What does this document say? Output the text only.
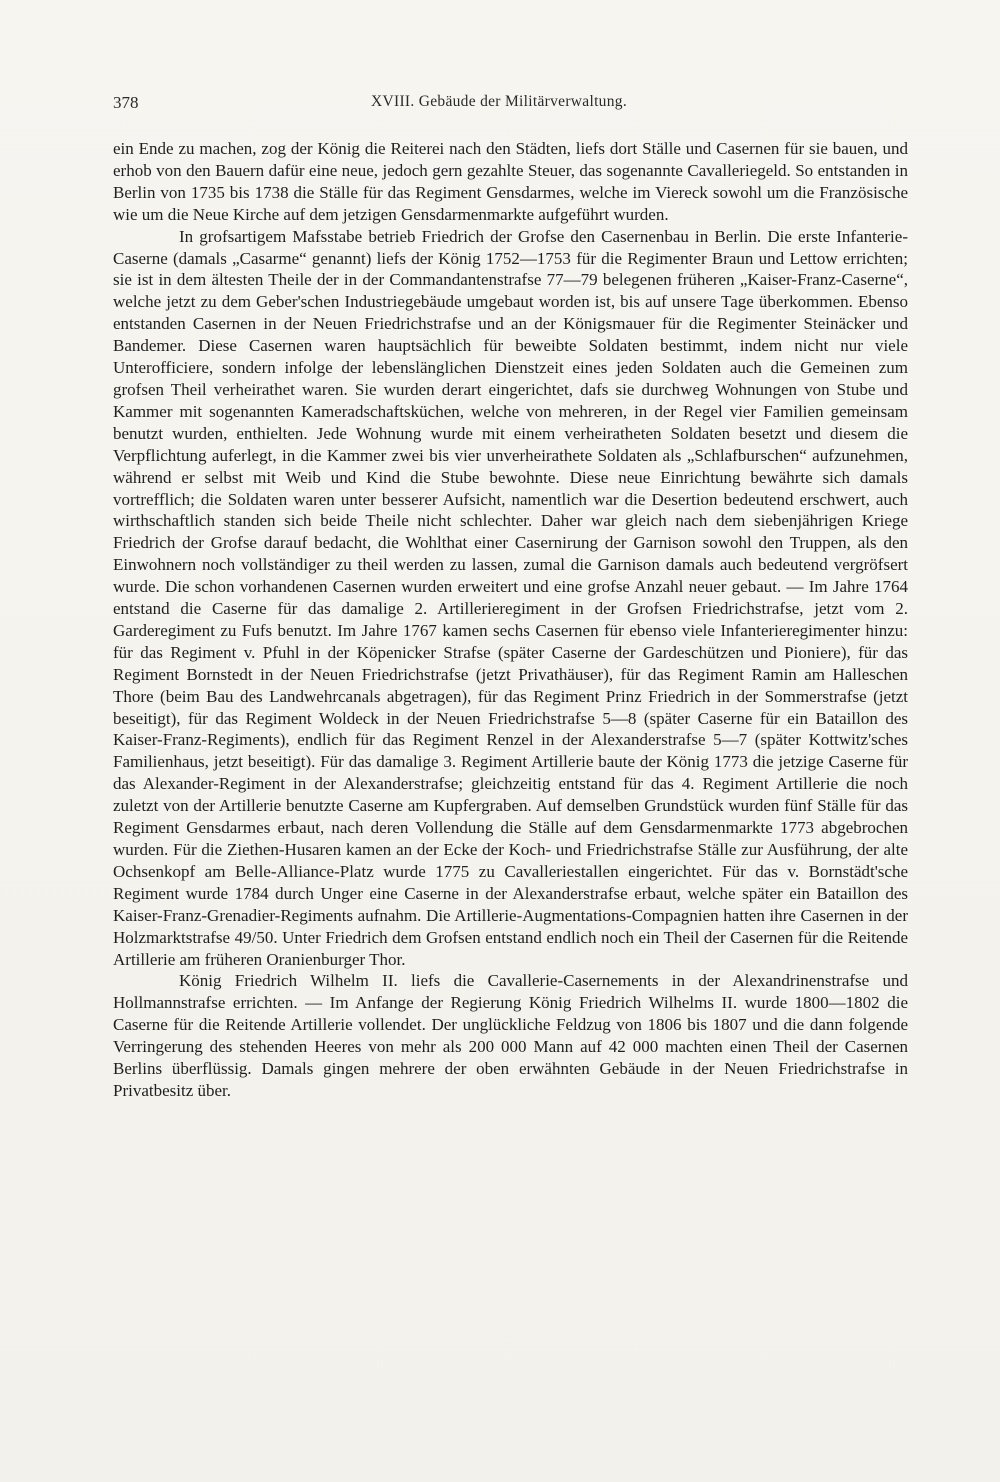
378	XVIII. Gebäude der Militärverwaltung.

ein Ende zu machen, zog der König die Reiterei nach den Städten, liefs dort Ställe und Casernen für sie bauen, und erhob von den Bauern dafür eine neue, jedoch gern gezahlte Steuer, das sogenannte Cavalleriegeld. So entstanden in Berlin von 1735 bis 1738 die Ställe für das Regiment Gensdarmes, welche im Viereck sowohl um die Französische wie um die Neue Kirche auf dem jetzigen Gensdarmenmarkte aufgeführt wurden.

In grofsartigem Mafsstabe betrieb Friedrich der Grofse den Casernenbau in Berlin. Die erste Infanterie-Caserne (damals „Casarme“ genannt) liefs der König 1752—1753 für die Regimenter Braun und Lettow errichten; sie ist in dem ältesten Theile der in der Commandantenstrafse 77—79 belegenen früheren „Kaiser-Franz-Caserne“, welche jetzt zu dem Geber'schen Industriegebäude umgebaut worden ist, bis auf unsere Tage überkommen. Ebenso entstanden Casernen in der Neuen Friedrichstrafse und an der Königsmauer für die Regimenter Steinäcker und Bandemer. Diese Casernen waren hauptsächlich für beweibte Soldaten bestimmt, indem nicht nur viele Unterofficiere, sondern infolge der lebenslänglichen Dienstzeit eines jeden Soldaten auch die Gemeinen zum grofsen Theil verheirathet waren. Sie wurden derart eingerichtet, dafs sie durchweg Wohnungen von Stube und Kammer mit sogenannten Kameradschaftsküchen, welche von mehreren, in der Regel vier Familien gemeinsam benutzt wurden, enthielten. Jede Wohnung wurde mit einem verheiratheten Soldaten besetzt und diesem die Verpflichtung auferlegt, in die Kammer zwei bis vier unverheirathete Soldaten als „Schlafburschen“ aufzunehmen, während er selbst mit Weib und Kind die Stube bewohnte. Diese neue Einrichtung bewährte sich damals vortrefflich; die Soldaten waren unter besserer Aufsicht, namentlich war die Desertion bedeutend erschwert, auch wirthschaftlich standen sich beide Theile nicht schlechter. Daher war gleich nach dem siebenjährigen Kriege Friedrich der Grofse darauf bedacht, die Wohlthat einer Casernirung der Garnison sowohl den Truppen, als den Einwohnern noch vollständiger zu theil werden zu lassen, zumal die Garnison damals auch bedeutend vergröfsert wurde. Die schon vorhandenen Casernen wurden erweitert und eine grofse Anzahl neuer gebaut. — Im Jahre 1764 entstand die Caserne für das damalige 2. Artillerieregiment in der Grofsen Friedrichstrafse, jetzt vom 2. Garderegiment zu Fufs benutzt. Im Jahre 1767 kamen sechs Casernen für ebenso viele Infanterieregimenter hinzu: für das Regiment v. Pfuhl in der Köpenicker Strafse (später Caserne der Gardeschützen und Pioniere), für das Regiment Bornstedt in der Neuen Friedrichstrafse (jetzt Privathäuser), für das Regiment Ramin am Halleschen Thore (beim Bau des Landwehrcanals abgetragen), für das Regiment Prinz Friedrich in der Sommerstrafse (jetzt beseitigt), für das Regiment Woldeck in der Neuen Friedrichstrafse 5—8 (später Caserne für ein Bataillon des Kaiser-Franz-Regiments), endlich für das Regiment Renzel in der Alexanderstrafse 5—7 (später Kottwitz'sches Familienhaus, jetzt beseitigt). Für das damalige 3. Regiment Artillerie baute der König 1773 die jetzige Caserne für das Alexander-Regiment in der Alexanderstrafse; gleichzeitig entstand für das 4. Regiment Artillerie die noch zuletzt von der Artillerie benutzte Caserne am Kupfergraben. Auf demselben Grundstück wurden fünf Ställe für das Regiment Gensdarmes erbaut, nach deren Vollendung die Ställe auf dem Gensdarmenmarkte 1773 abgebrochen wurden. Für die Ziethen-Husaren kamen an der Ecke der Koch- und Friedrichstrafse Ställe zur Ausführung, der alte Ochsenkopf am Belle-Alliance-Platz wurde 1775 zu Cavalleriestallen eingerichtet. Für das v. Bornstädt'sche Regiment wurde 1784 durch Unger eine Caserne in der Alexanderstrafse erbaut, welche später ein Bataillon des Kaiser-Franz-Grenadier-Regiments aufnahm. Die Artillerie-Augmentations-Compagnien hatten ihre Casernen in der Holzmarktstrafse 49/50. Unter Friedrich dem Grofsen entstand endlich noch ein Theil der Casernen für die Reitende Artillerie am früheren Oranienburger Thor.

König Friedrich Wilhelm II. liefs die Cavallerie-Casernements in der Alexandrinenstrafse und Hollmannstrafse errichten. — Im Anfange der Regierung König Friedrich Wilhelms II. wurde 1800—1802 die Caserne für die Reitende Artillerie vollendet. Der unglückliche Feldzug von 1806 bis 1807 und die dann folgende Verringerung des stehenden Heeres von mehr als 200 000 Mann auf 42 000 machten einen Theil der Casernen Berlins überflüssig. Damals gingen mehrere der oben erwähnten Gebäude in der Neuen Friedrichstrafse in Privatbesitz über.
